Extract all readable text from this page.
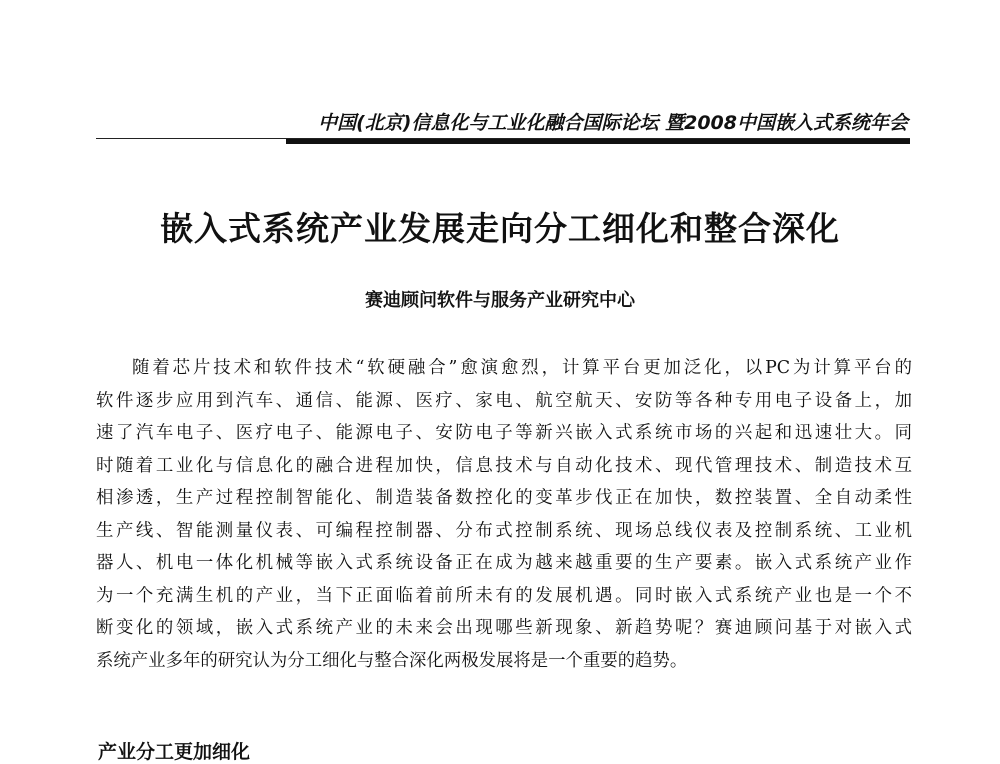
中国(北京)信息化与工业化融合国际论坛 暨2008中国嵌入式系统年会
嵌入式系统产业发展走向分工细化和整合深化
赛迪顾问软件与服务产业研究中心
随着芯片技术和软件技术“软硬融合”愈演愈烈，计算平台更加泛化，以PC为计算平台的
软件逐步应用到汽车、通信、能源、医疗、家电、航空航天、安防等各种专用电子设备上，加
速了汽车电子、医疗电子、能源电子、安防电子等新兴嵌入式系统市场的兴起和迅速壮大。同
时随着工业化与信息化的融合进程加快，信息技术与自动化技术、现代管理技术、制造技术互
相渗透，生产过程控制智能化、制造装备数控化的变革步伐正在加快，数控装置、全自动柔性
生产线、智能测量仪表、可编程控制器、分布式控制系统、现场总线仪表及控制系统、工业机
器人、机电一体化机械等嵌入式系统设备正在成为越来越重要的生产要素。嵌入式系统产业作
为一个充满生机的产业，当下正面临着前所未有的发展机遇。同时嵌入式系统产业也是一个不
断变化的领域，嵌入式系统产业的未来会出现哪些新现象、新趋势呢？赛迪顾问基于对嵌入式
系统产业多年的研究认为分工细化与整合深化两极发展将是一个重要的趋势。
产业分工更加细化
